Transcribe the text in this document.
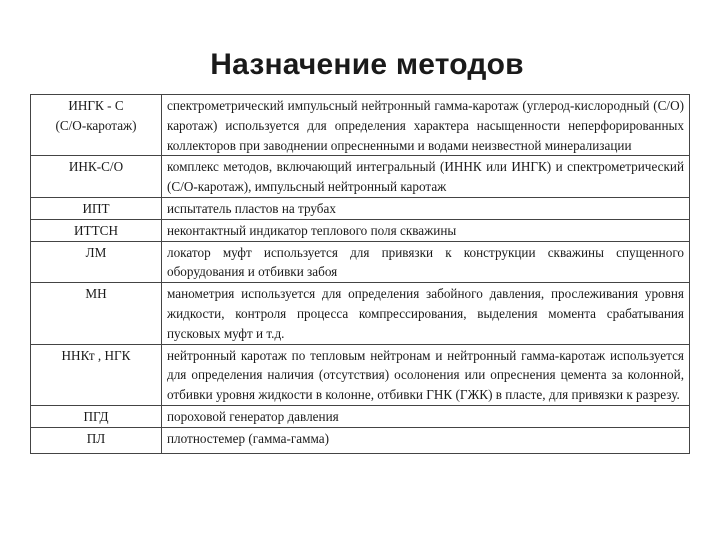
Назначение методов
ИНГК - С
(С/О-каротаж)	спектрометрический импульсный нейтронный гамма-каротаж (углерод-кислородный (С/О) каротаж) используется для определения характера насыщенности неперфорированных коллекторов при заводнении опресненными и водами неизвестной минерализации
ИНК-С/О	комплекс методов, включающий интегральный (ИННК или ИНГК) и спектрометрический (С/О-каротаж), импульсный нейтронный каротаж
ИПТ	испытатель пластов на трубах
ИТТСН	неконтактный индикатор теплового поля скважины
ЛМ	локатор муфт используется для привязки к конструкции скважины спущенного оборудования и отбивки забоя
МН	манометрия используется для определения забойного давления, прослеживания уровня жидкости, контроля процесса компрессирования, выделения момента срабатывания пусковых муфт и т.д.
ННКт , НГК	нейтронный каротаж по тепловым нейтронам и нейтронный гамма-каротаж используется для определения наличия (отсутствия) осолонения или опреснения цемента за колонной, отбивки уровня жидкости в колонне, отбивки ГНК (ГЖК) в пласте, для привязки к разрезу.
ПГД	пороховой генератор давления
ПЛ	плотностемер (гамма-гамма)
